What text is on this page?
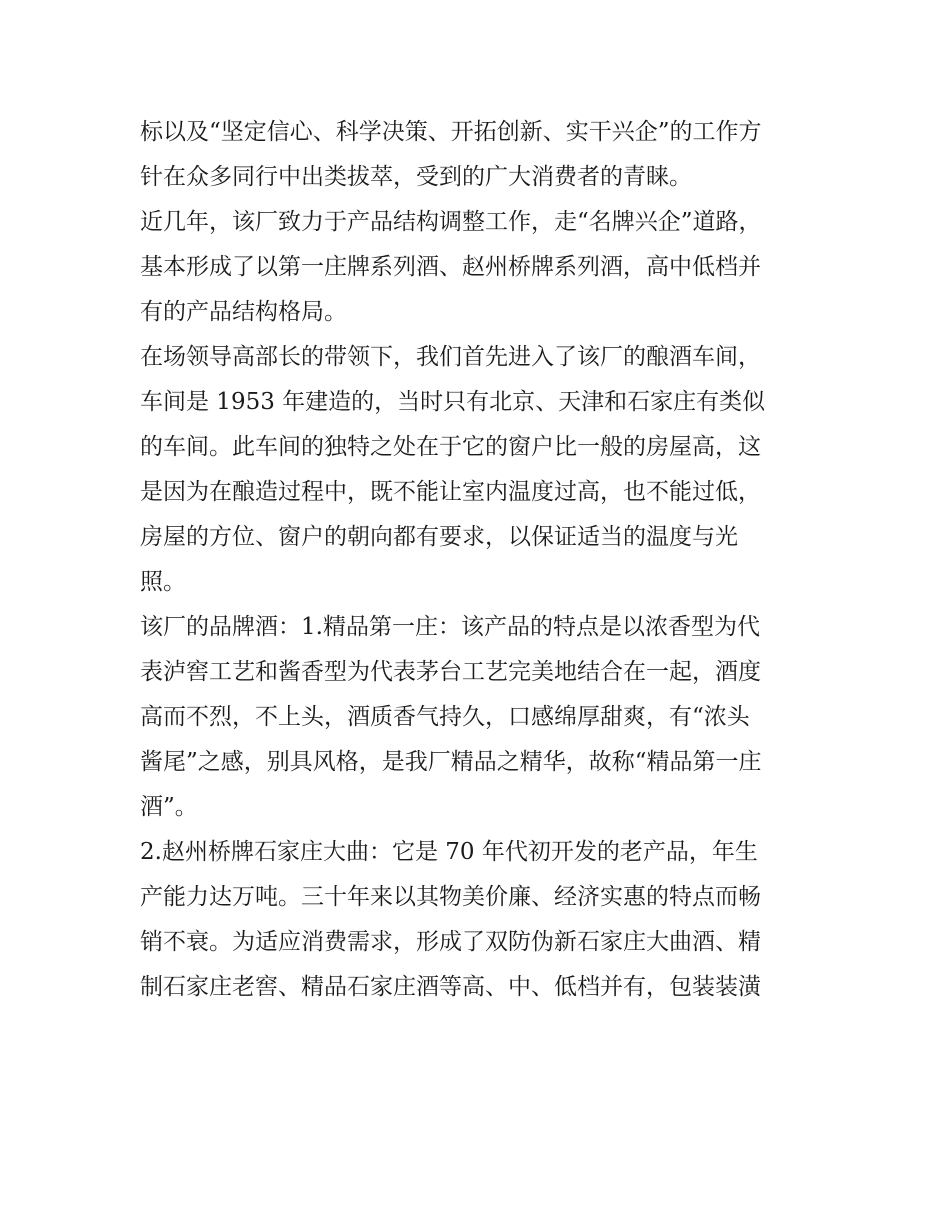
标以及“坚定信心、科学决策、开拓创新、实干兴企”的工作方
针在众多同行中出类拔萃，受到的广大消费者的青睐。
近几年，该厂致力于产品结构调整工作，走“名牌兴企”道路，
基本形成了以第一庄牌系列酒、赵州桥牌系列酒，高中低档并
有的产品结构格局。
在场领导高部长的带领下，我们首先进入了该厂的酿酒车间，
车间是 1953 年建造的，当时只有北京、天津和石家庄有类似
的车间。此车间的独特之处在于它的窗户比一般的房屋高，这
是因为在酿造过程中，既不能让室内温度过高，也不能过低，
房屋的方位、窗户的朝向都有要求，以保证适当的温度与光
照。
该厂的品牌酒：1.精品第一庄：该产品的特点是以浓香型为代
表泸窖工艺和酱香型为代表茅台工艺完美地结合在一起，酒度
高而不烈，不上头，酒质香气持久，口感绵厚甜爽，有“浓头
酱尾”之感，别具风格，是我厂精品之精华，故称“精品第一庄
酒”。
2.赵州桥牌石家庄大曲：它是 70 年代初开发的老产品，年生
产能力达万吨。三十年来以其物美价廉、经济实惠的特点而畅
销不衰。为适应消费需求，形成了双防伪新石家庄大曲酒、精
制石家庄老窖、精品石家庄酒等高、中、低档并有，包装装潢
